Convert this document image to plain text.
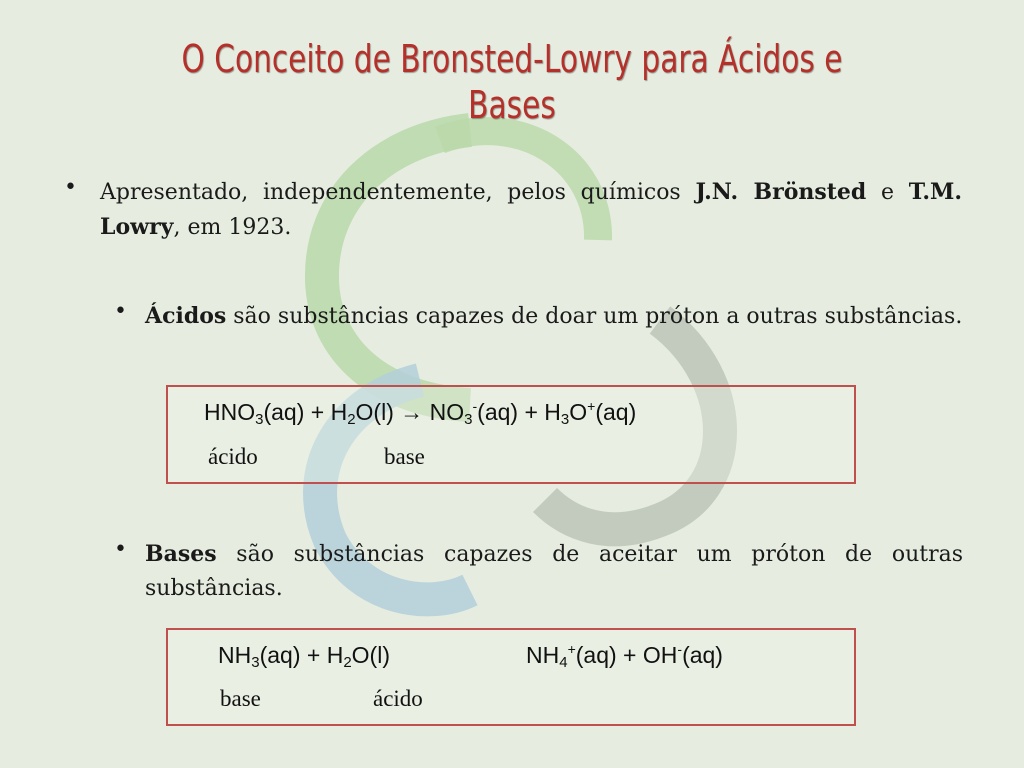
O Conceito de Bronsted-Lowry para Ácidos e Bases
• Apresentado, independentemente, pelos químicos J.N. Brönsted e T.M. Lowry, em 1923.
• Ácidos são substâncias capazes de doar um próton a outras substâncias.
$HNO_3(aq) + H_2O(l) \to NO_3^-(aq) + H_3O^+(aq)$
ácido	base
• Bases são substâncias capazes de aceitar um próton de outras substâncias.
$NH_3(aq) + H_2O(l)$	$NH_4^+(aq) + OH^-(aq)$
base	ácido
